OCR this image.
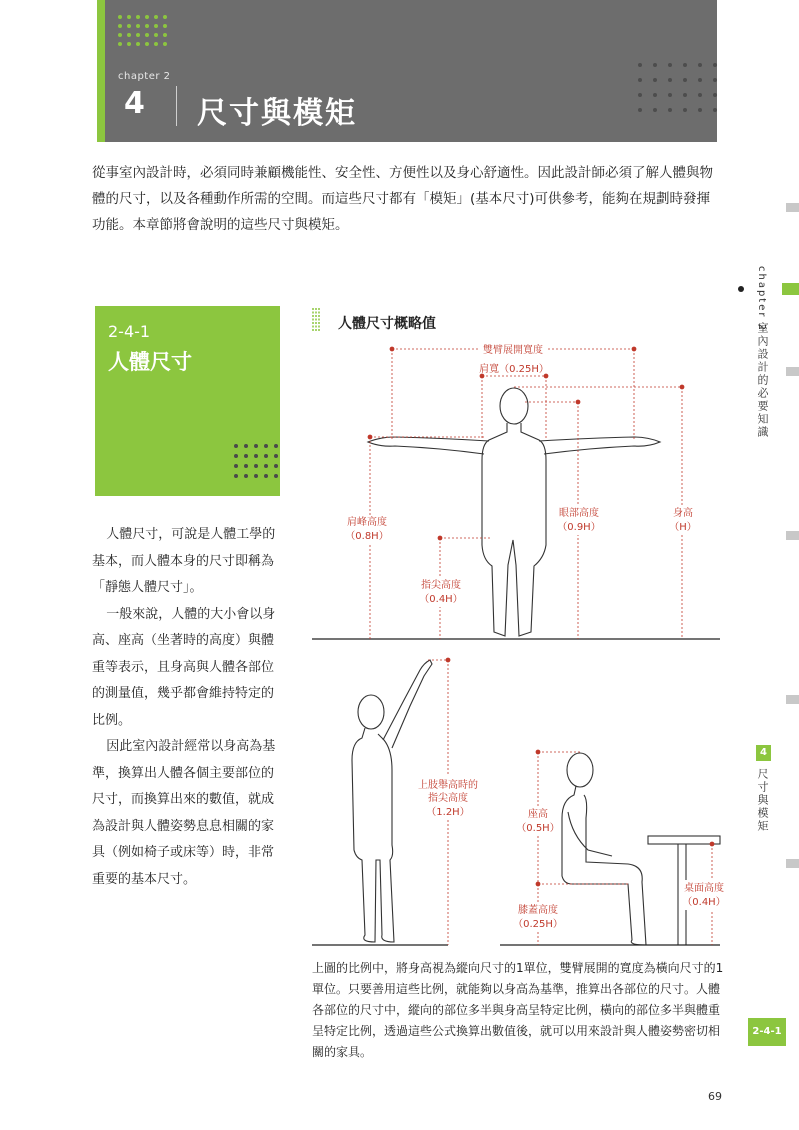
chapter 2
4 尺寸與模矩
從事室內設計時，必須同時兼顧機能性、安全性、方便性以及身心舒適性。因此設計師必須了解人體與物體的尺寸，以及各種動作所需的空間。而這些尺寸都有「模矩」(基本尺寸)可供參考，能夠在規劃時發揮功能。本章節將會說明的這些尺寸與模矩。
chapter 2
室內設計的必要知識
4
尺寸與模矩
2-4-1
2-4-1
人體尺寸

人體尺寸，可說是人體工學的基本，而人體本身的尺寸即稱為「靜態人體尺寸」。

一般來說，人體的大小會以身高、座高（坐著時的高度）與體重等表示，且身高與人體各部位的測量值，幾乎都會維持特定的比例。

因此室內設計經常以身高為基準，換算出人體各個主要部位的尺寸，而換算出來的數值，就成為設計與人體姿勢息息相關的家具（例如椅子或床等）時，非常重要的基本尺寸。

人體尺寸概略值
雙臂展開寬度
肩寬（0.25H）
肩峰高度
（0.8H）
指尖高度
（0.4H）
眼部高度
（0.9H）
身高
（H）
上肢舉高時的
指尖高度
（1.2H）	座高
（0.5H）
膝蓋高度
（0.25H）
桌面高度
（0.4H）
上圖的比例中，將身高視為縱向尺寸的1單位，雙臂展開的寬度為橫向尺寸的1單位。只要善用這些比例，就能夠以身高為基準，推算出各部位的尺寸。人體各部位的尺寸中，縱向的部位多半與身高呈特定比例，橫向的部位多半與體重呈特定比例，透過這些公式換算出數值後，就可以用來設計與人體姿勢密切相關的家具。
69
